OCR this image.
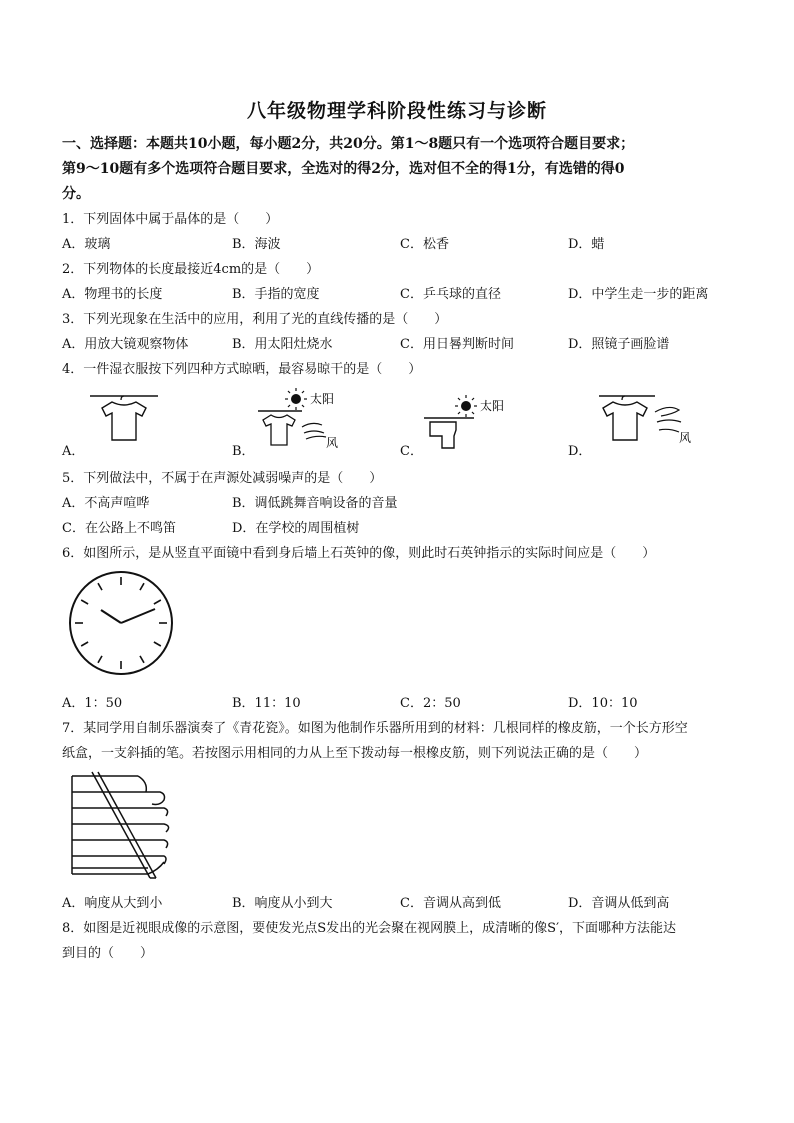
八年级物理学科阶段性练习与诊断
一、选择题：本题共10小题，每小题2分，共20分。第1～8题只有一个选项符合题目要求；
第9～10题有多个选项符合题目要求，全选对的得2分，选对但不全的得1分，有选错的得0
分。
1．下列固体中属于晶体的是（　　）
A．玻璃	B．海波	C．松香	D．蜡
2．下列物体的长度最接近4cm的是（　　）
A．物理书的长度	B．手指的宽度	C．乒乓球的直径	D．中学生走一步的距离
3．下列光现象在生活中的应用，利用了光的直线传播的是（　　）
A．用放大镜观察物体	B．用太阳灶烧水	C．用日晷判断时间	D．照镜子画脸谱
4．一件湿衣服按下列四种方式晾晒，最容易晾干的是（　　）
A．
太阳
风
B．
太阳
C．
风
D．
5．下列做法中，不属于在声源处减弱噪声的是（　　）
A．不高声喧哗	B．调低跳舞音响设备的音量
C．在公路上不鸣笛	D．在学校的周围植树
6．如图所示，是从竖直平面镜中看到身后墙上石英钟的像，则此时石英钟指示的实际时间应是（　　）
A．1：50	B．11：10	C．2：50	D．10：10
7．某同学用自制乐器演奏了《青花瓷》。如图为他制作乐器所用到的材料：几根同样的橡皮筋，一个长方形空
纸盒，一支斜插的笔。若按图示用相同的力从上至下拨动每一根橡皮筋，则下列说法正确的是（　　）
A．响度从大到小	B．响度从小到大	C．音调从高到低	D．音调从低到高
8．如图是近视眼成像的示意图，要使发光点S发出的光会聚在视网膜上，成清晰的像S′，下面哪种方法能达
到目的（　　）
